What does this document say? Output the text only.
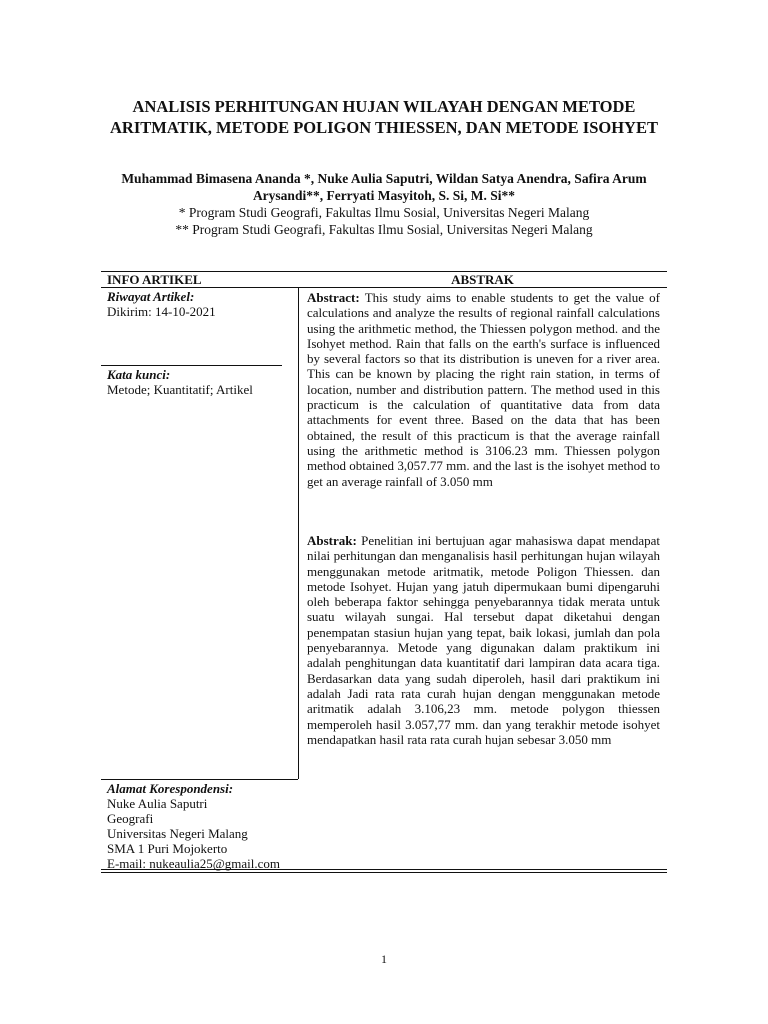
ANALISIS PERHITUNGAN HUJAN WILAYAH DENGAN METODE ARITMATIK, METODE POLIGON THIESSEN, DAN METODE ISOHYET
Muhammad Bimasena Ananda *, Nuke Aulia Saputri, Wildan Satya Anendra, Safira Arum Arysandi**, Ferryati Masyitoh, S. Si, M. Si**
* Program Studi Geografi, Fakultas Ilmu Sosial, Universitas Negeri Malang
** Program Studi Geografi, Fakultas Ilmu Sosial, Universitas Negeri Malang
INFO ARTIKEL	ABSTRAK
Riwayat Artikel:
Dikirim: 14-10-2021
Kata kunci:
Metode; Kuantitatif; Artikel
Abstract: This study aims to enable students to get the value of calculations and analyze the results of regional rainfall calculations using the arithmetic method, the Thiessen polygon method. and the Isohyet method. Rain that falls on the earth's surface is influenced by several factors so that its distribution is uneven for a river area. This can be known by placing the right rain station, in terms of location, number and distribution pattern. The method used in this practicum is the calculation of quantitative data from data attachments for event three. Based on the data that has been obtained, the result of this practicum is that the average rainfall using the arithmetic method is 3106.23 mm. Thiessen polygon method obtained 3,057.77 mm. and the last is the isohyet method to get an average rainfall of 3.050 mm
Abstrak: Penelitian ini bertujuan agar mahasiswa dapat mendapat nilai perhitungan dan menganalisis hasil perhitungan hujan wilayah menggunakan metode aritmatik, metode Poligon Thiessen. dan metode Isohyet. Hujan yang jatuh dipermukaan bumi dipengaruhi oleh beberapa faktor sehingga penyebarannya tidak merata untuk suatu wilayah sungai. Hal tersebut dapat diketahui dengan penempatan stasiun hujan yang tepat, baik lokasi, jumlah dan pola penyebarannya. Metode yang digunakan dalam praktikum ini adalah penghitungan data kuantitatif dari lampiran data acara tiga. Berdasarkan data yang sudah diperoleh, hasil dari praktikum ini adalah Jadi rata rata curah hujan dengan menggunakan metode aritmatik adalah 3.106,23 mm. metode polygon thiessen memperoleh hasil 3.057,77 mm. dan yang terakhir metode isohyet mendapatkan hasil rata rata curah hujan sebesar 3.050 mm
Alamat Korespondensi:
Nuke Aulia Saputri
Geografi
Universitas Negeri Malang
SMA 1 Puri Mojokerto
E-mail: nukeaulia25@gmail.com
1
